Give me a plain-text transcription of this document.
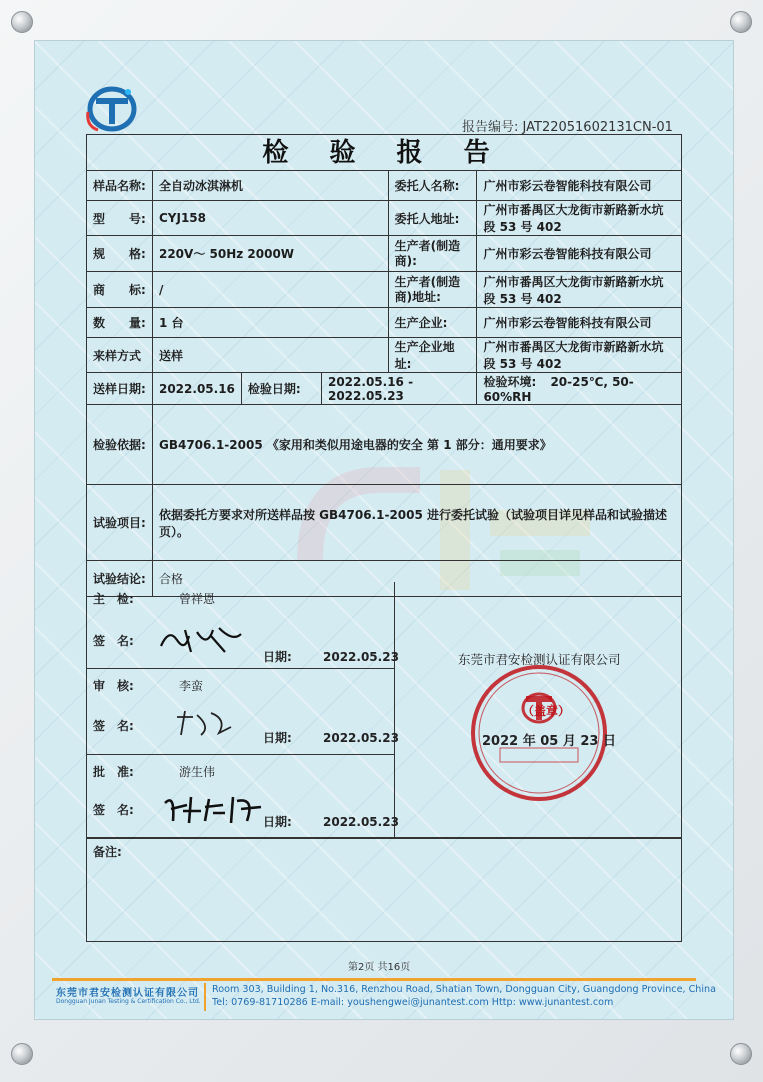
报告编号: JAT22051602131CN-01
检 验 报 告
样品名称:	全自动冰淇淋机			委托人名称:	广州市彩云卷智能科技有限公司
型　　号:	CYJ158			委托人地址:	广州市番禺区大龙街市新路新水坑段 53 号 402
规　　格:	220V～ 50Hz 2000W			生产者(制造商):	广州市彩云卷智能科技有限公司
商　　标:	/			生产者(制造商)地址:	广州市番禺区大龙街市新路新水坑段 53 号 402
数　　量:	1 台			生产企业:	广州市彩云卷智能科技有限公司
来样方式	送样			生产企业地址:	广州市番禺区大龙街市新路新水坑段 53 号 402
送样日期:	2022.05.16	检验日期:	2022.05.16 - 2022.05.23		检验环境: 20-25℃, 50-60%RH
检验依据:	GB4706.1-2005 《家用和类似用途电器的安全 第 1 部分：通用要求》				
试验项目:	依据委托方要求对所送样品按 GB4706.1-2005 进行委托试验（试验项目详见样品和试验描述页）。				
试验结论:	合格				
主　检:	曾祥恩
签　名:
日期:	2022.05.23
审　核:	李蛮
签　名:
日期:	2022.05.23
批　准:	游生伟
签　名:
日期:	2022.05.23
东莞市君安检测认证有限公司
（盖章）
2022 年 05 月 23 日
备注:
第2页 共16页
东莞市君安检测认证有限公司
Dongguan Junan Testing & Certification Co., Ltd.
Room 303, Building 1, No.316, Renzhou Road, Shatian Town, Dongguan City, Guangdong Province, China
Tel: 0769-81710286 E-mail: youshengwei@junantest.com Http: www.junantest.com
